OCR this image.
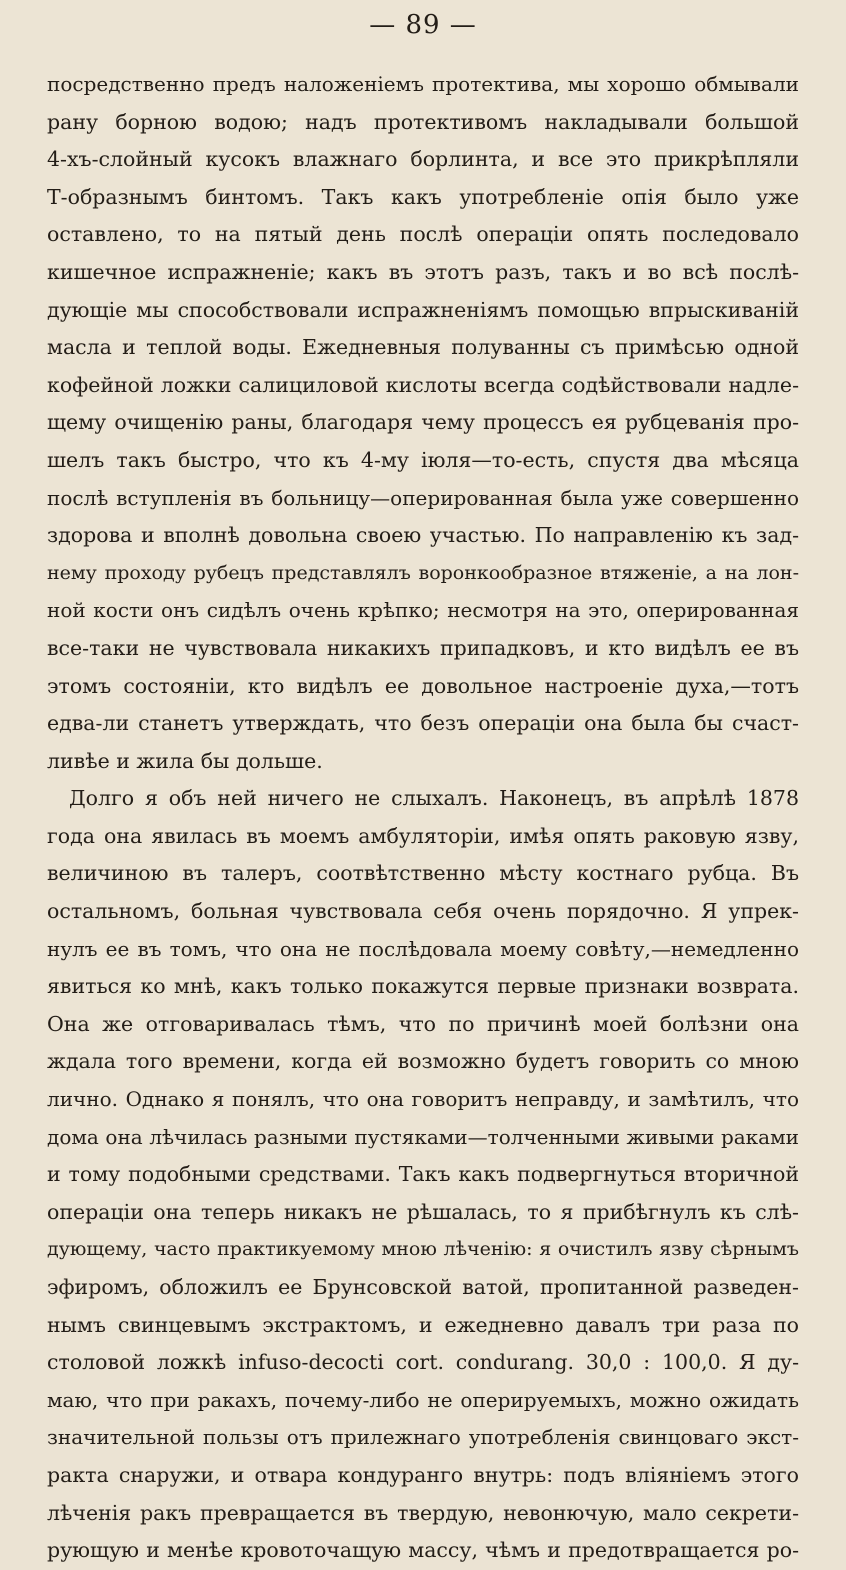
— 89 —
посредственно предъ наложеніемъ протектива, мы хорошо обмывали
рану борною водою; надъ протективомъ накладывали большой
4-хъ-слойный кусокъ влажнаго борлинта, и все это прикрѣпляли
Т-образнымъ бинтомъ. Такъ какъ употребленіе опія было уже
оставлено, то на пятый день послѣ операціи опять последовало
кишечное испражненіе; какъ въ этотъ разъ, такъ и во всѣ послѣ-
дующіе мы способствовали испражненіямъ помощью впрыскиваній
масла и теплой воды. Ежедневныя полуванны съ примѣсью одной
кофейной ложки салициловой кислоты всегда содѣйствовали надле-
щему очищенію раны, благодаря чему процессъ ея рубцеванія про-
шелъ такъ быстро, что къ 4-му іюля—то-есть, спустя два мѣсяца
послѣ вступленія въ больницу—оперированная была уже совершенно
здорова и вполнѣ довольна своею участью. По направленію къ зад-
нему проходу рубецъ представлялъ воронкообразное втяженіе, а на лон-
ной кости онъ сидѣлъ очень крѣпко; несмотря на это, оперированная
все-таки не чувствовала никакихъ припадковъ, и кто видѣлъ ее въ
этомъ состояніи, кто видѣлъ ее довольное настроеніе духа,—тотъ
едва-ли станетъ утверждать, что безъ операціи она была бы счаст-
ливѣе и жила бы дольше.
Долго я объ ней ничего не слыхалъ. Наконецъ, въ апрѣлѣ 1878
года она явилась въ моемъ амбуляторіи, имѣя опять раковую язву,
величиною въ талеръ, соотвѣтственно мѣсту костнаго рубца. Въ
остальномъ, больная чувствовала себя очень порядочно. Я упрек-
нулъ ее въ томъ, что она не послѣдовала моему совѣту,—немедленно
явиться ко мнѣ, какъ только покажутся первые признаки возврата.
Она же отговаривалась тѣмъ, что по причинѣ моей болѣзни она
ждала того времени, когда ей возможно будетъ говорить со мною
лично. Однако я понялъ, что она говоритъ неправду, и замѣтилъ, что
дома она лѣчилась разными пустяками—толченными живыми раками
и тому подобными средствами. Такъ какъ подвергнуться вторичной
операціи она теперь никакъ не рѣшалась, то я прибѣгнулъ къ слѣ-
дующему, часто практикуемому мною лѣченію: я очистилъ язву сѣрнымъ
эфиромъ, обложилъ ее Брунсовской ватой, пропитанной разведен-
нымъ свинцевымъ экстрактомъ, и ежедневно давалъ три раза по
столовой ложкѣ infuso-decocti cort. condurang. 30,0 : 100,0. Я ду-
маю, что при ракахъ, почему-либо не оперируемыхъ, можно ожидать
значительной пользы отъ прилежнаго употребленія свинцоваго экст-
ракта снаружи, и отвара кондуранго внутрь: подъ вліяніемъ этого
лѣченія ракъ превращается въ твердую, невонючую, мало секрети-
рующую и менѣе кровоточащую массу, чѣмъ и предотвращается ро-
